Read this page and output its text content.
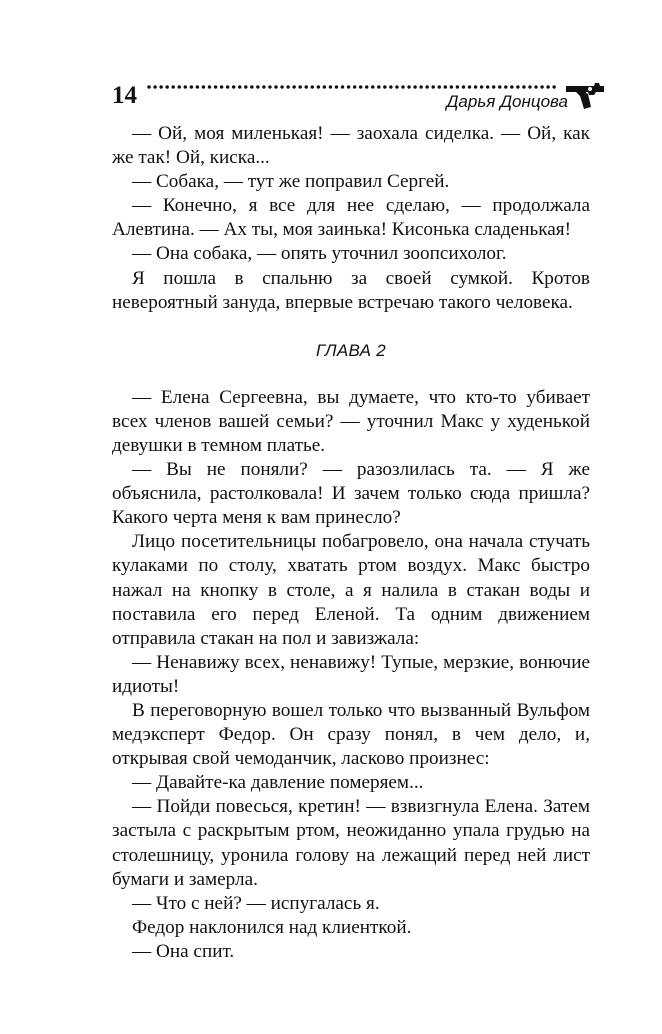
14	Дарья Донцова

— Ой, моя миленькая! — заохала сиделка. — Ой, как же так! Ой, киска...

— Собака, — тут же поправил Сергей.

— Конечно, я все для нее сделаю, — продолжала Алевтина. — Ах ты, моя заинька! Кисонька сладенькая!

— Она собака, — опять уточнил зоопсихолог.

Я пошла в спальню за своей сумкой. Кротов невероятный зануда, впервые встречаю такого человека.

ГЛАВА 2

— Елена Сергеевна, вы думаете, что кто-то убивает всех членов вашей семьи? — уточнил Макс у худенькой девушки в темном платье.

— Вы не поняли? — разозлилась та. — Я же объяснила, растолковала! И зачем только сюда пришла? Какого черта меня к вам принесло?

Лицо посетительницы побагровело, она начала стучать кулаками по столу, хватать ртом воздух. Макс быстро нажал на кнопку в столе, а я налила в стакан воды и поставила его перед Еленой. Та одним движением отправила стакан на пол и завизжала:

— Ненавижу всех, ненавижу! Тупые, мерзкие, вонючие идиоты!

В переговорную вошел только что вызванный Вульфом медэксперт Федор. Он сразу понял, в чем дело, и, открывая свой чемоданчик, ласково произнес:

— Давайте-ка давление померяем...

— Пойди повесься, кретин! — взвизгнула Елена. Затем застыла с раскрытым ртом, неожиданно упала грудью на столешницу, уронила голову на лежащий перед ней лист бумаги и замерла.

— Что с ней? — испугалась я.

Федор наклонился над клиенткой.

— Она спит.
